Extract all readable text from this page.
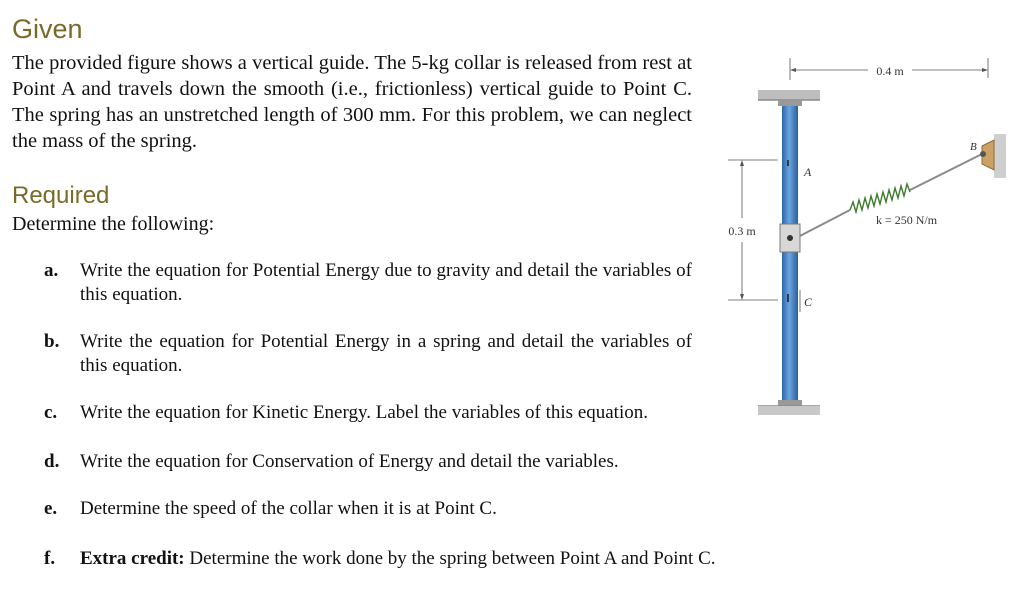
Given

The provided figure shows a vertical guide. The 5-kg collar is released from rest at Point A and travels down the smooth (i.e., frictionless) vertical guide to Point C. The spring has an unstretched length of 300 mm. For this problem, we can neglect the mass of the spring.

Required

Determine the following:

a. Write the equation for Potential Energy due to gravity and detail the variables of this equation.
b. Write the equation for Potential Energy in a spring and detail the variables of this equation.
c. Write the equation for Kinetic Energy. Label the variables of this equation.
d. Write the equation for Conservation of Energy and detail the variables.
e. Determine the speed of the collar when it is at Point C.
f. Extra credit: Determine the work done by the spring between Point A and Point C.
0.4 m
0.3 m
A
C
B
k = 250 N/m
